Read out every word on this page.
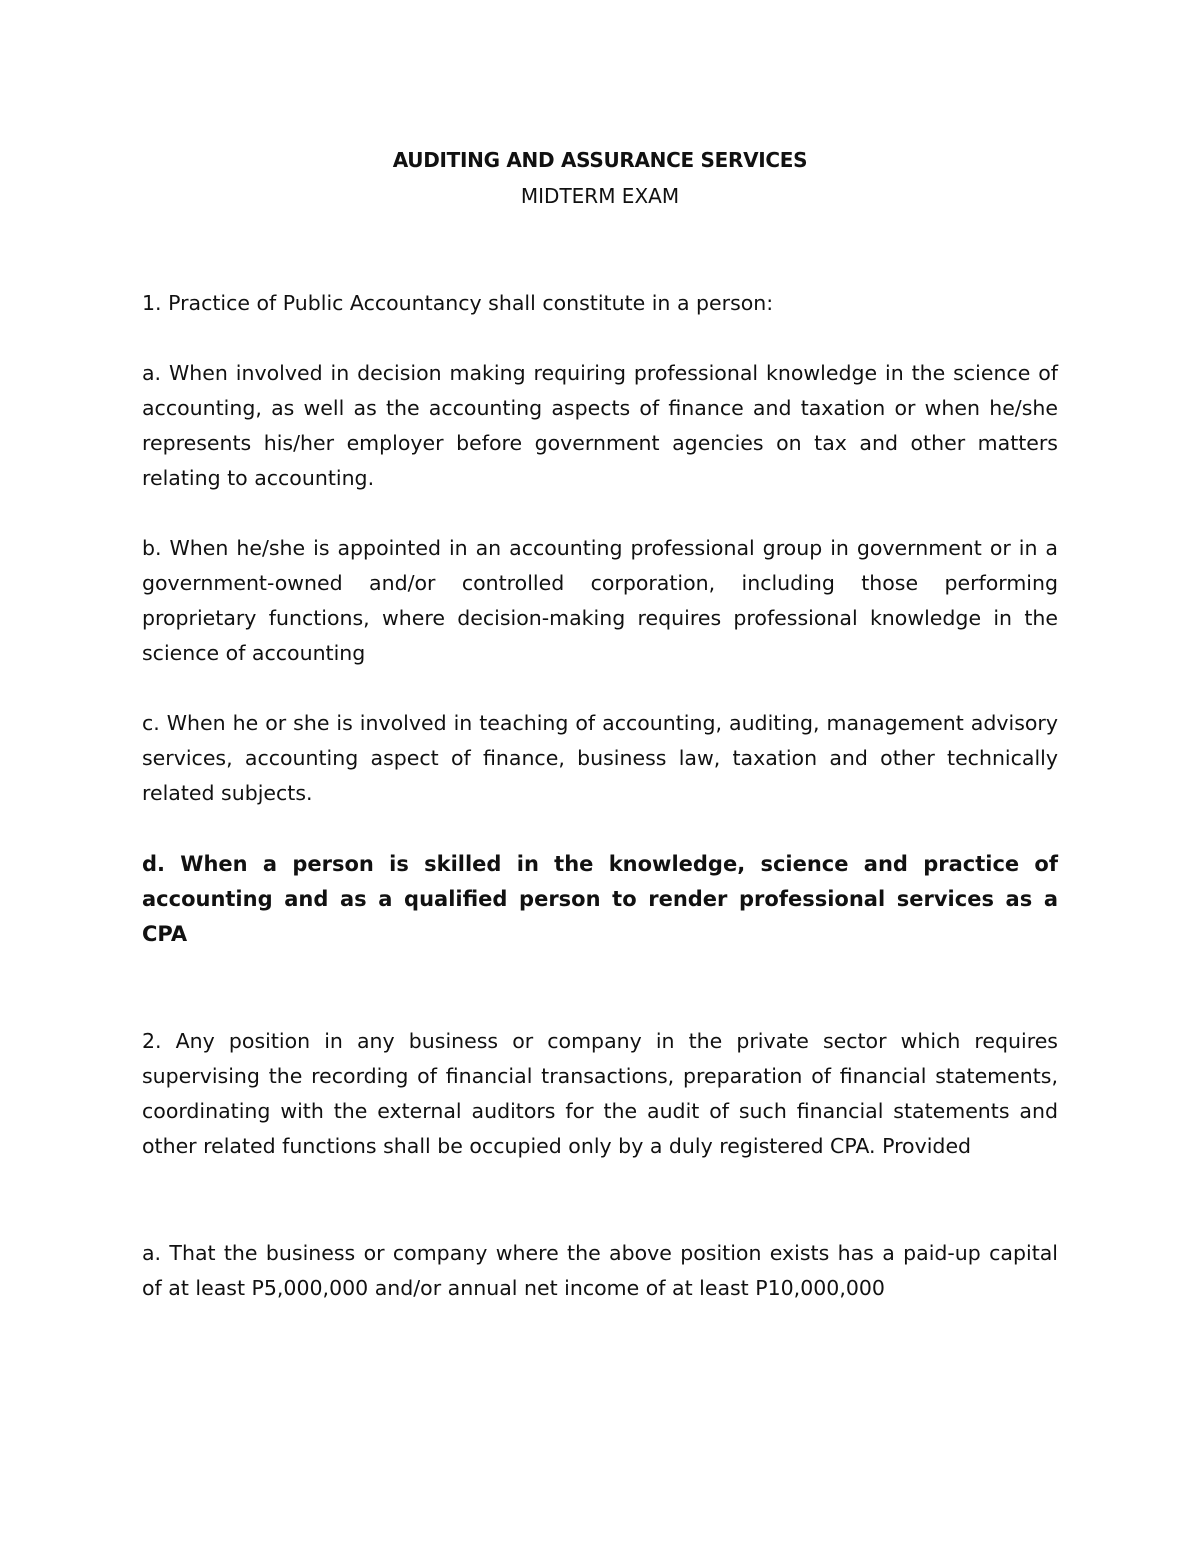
AUDITING AND ASSURANCE SERVICES
MIDTERM EXAM

1. Practice of Public Accountancy shall constitute in a person:

a. When involved in decision making requiring professional knowledge in the science of accounting, as well as the accounting aspects of finance and taxation or when he/she represents his/her employer before government agencies on tax and other matters relating to accounting.

b. When he/she is appointed in an accounting professional group in government or in a government-owned and/or controlled corporation, including those performing proprietary functions, where decision-making requires professional knowledge in the science of accounting

c. When he or she is involved in teaching of accounting, auditing, management advisory services, accounting aspect of finance, business law, taxation and other technically related subjects.

d. When a person is skilled in the knowledge, science and practice of accounting and as a qualified person to render professional services as a CPA

2. Any position in any business or company in the private sector which requires supervising the recording of financial transactions, preparation of financial statements, coordinating with the external auditors for the audit of such financial statements and other related functions shall be occupied only by a duly registered CPA. Provided

a. That the business or company where the above position exists has a paid-up capital of at least P5,000,000 and/or annual net income of at least P10,000,000
